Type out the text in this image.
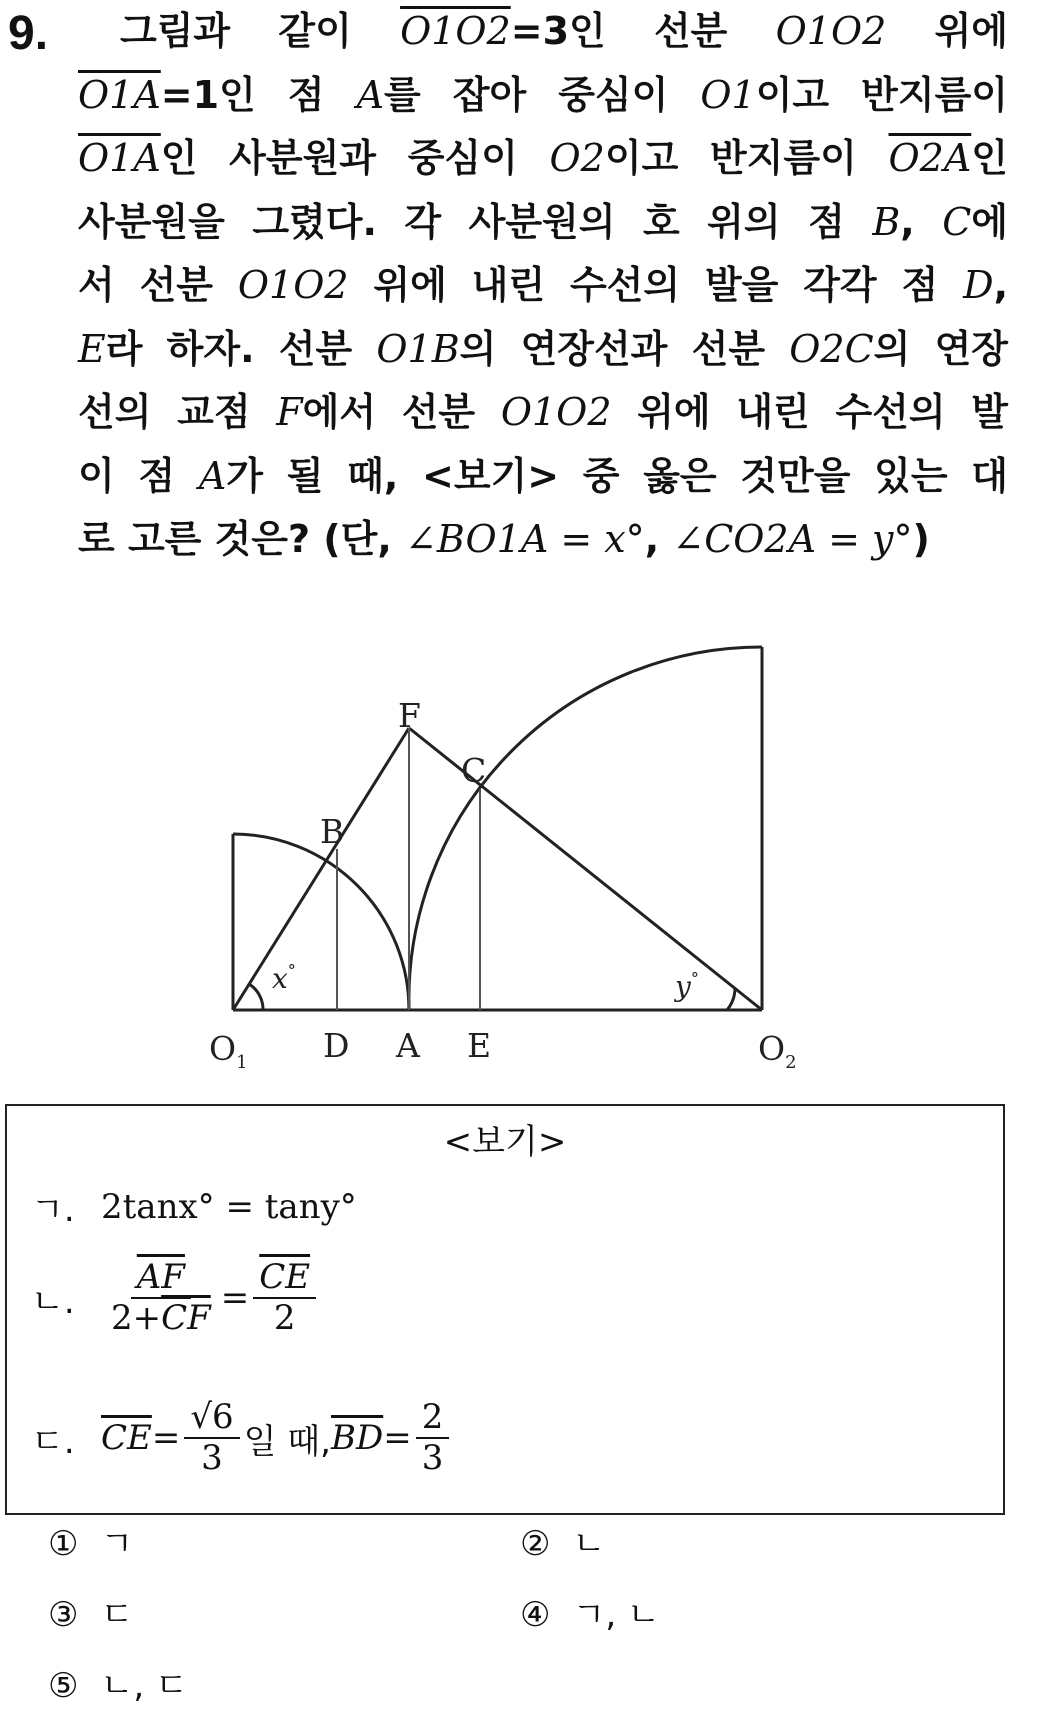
9.	그림과 같이 O1O2=3인 선분 O1O2 위에
O1A=1인 점 A를 잡아 중심이 O1이고 반지름이
O1A인 사분원과 중심이 O2이고 반지름이 O2A인
사분원을 그렸다. 각 사분원의 호 위의 점 B, C에
서 선분 O1O2 위에 내린 수선의 발을 각각 점 D,
E라 하자. 선분 O1B의 연장선과 선분 O2C의 연장
선의 교점 F에서 선분 O1O2 위에 내린 수선의 발
이 점 A가 될 때, <보기> 중 옳은 것만을 있는 대
로 고른 것은? (단, ∠BO1A = x°, ∠CO2A = y°)
$O_1$ D A E	$O_2$
B
C
F
x°	y°
<보기>
ㄱ. 2tanx° = tany°
ㄴ. $\frac{\overline{AF}}{2+\overline{CF}} = \frac{\overline{CE}}{2}$
ㄷ. $\overline{CE} = \frac{√6}{3}$ 일 때, $\overline{BD} = \frac{2}{3}$
① ㄱ	② ㄴ
③ ㄷ	④ ㄱ, ㄴ
⑤ ㄴ, ㄷ
